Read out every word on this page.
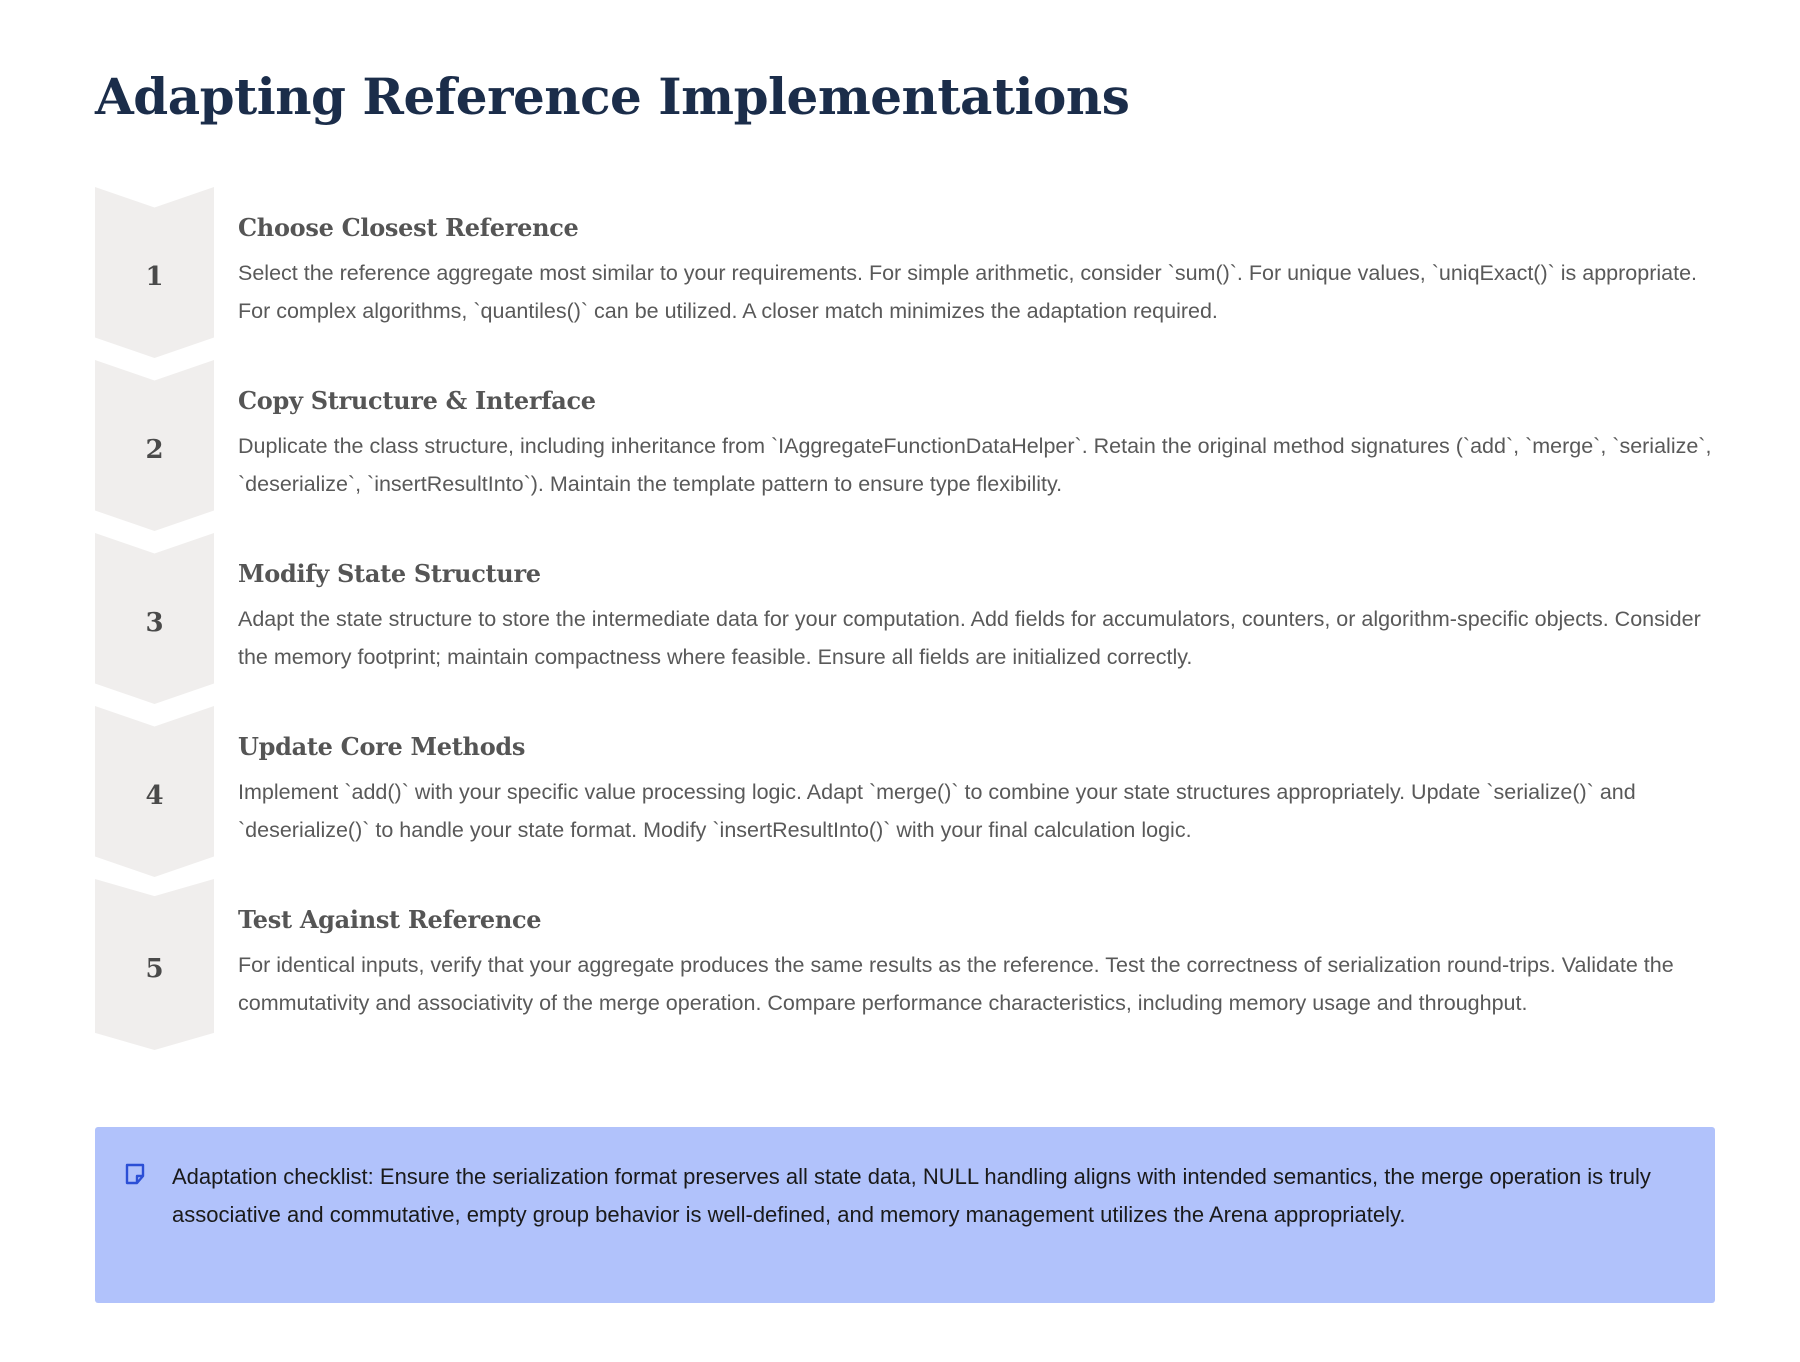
Adapting Reference Implementations
1
Choose Closest Reference

Select the reference aggregate most similar to your requirements. For simple arithmetic, consider `sum()`. For unique values, `uniqExact()` is appropriate. For complex algorithms, `quantiles()` can be utilized. A closer match minimizes the adaptation required.

2
Copy Structure & Interface

Duplicate the class structure, including inheritance from `IAggregateFunctionDataHelper`. Retain the original method signatures (`add`, `merge`, `serialize`, `deserialize`, `insertResultInto`). Maintain the template pattern to ensure type flexibility.

3
Modify State Structure

Adapt the state structure to store the intermediate data for your computation. Add fields for accumulators, counters, or algorithm-specific objects. Consider the memory footprint; maintain compactness where feasible. Ensure all fields are initialized correctly.

4
Update Core Methods

Implement `add()` with your specific value processing logic. Adapt `merge()` to combine your state structures appropriately. Update `serialize()` and `deserialize()` to handle your state format. Modify `insertResultInto()` with your final calculation logic.

5
Test Against Reference

For identical inputs, verify that your aggregate produces the same results as the reference. Test the correctness of serialization round-trips. Validate the commutativity and associativity of the merge operation. Compare performance characteristics, including memory usage and throughput.

Adaptation checklist: Ensure the serialization format preserves all state data, NULL handling aligns with intended semantics, the merge operation is truly associative and commutative, empty group behavior is well-defined, and memory management utilizes the Arena appropriately.
